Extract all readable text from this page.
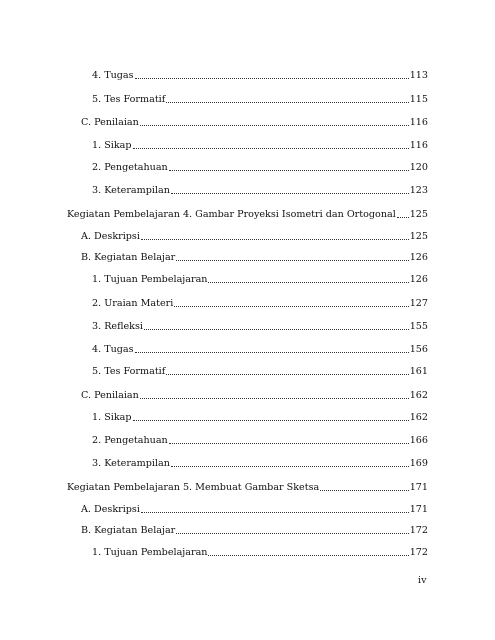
4. Tugas	113
5. Tes Formatif	115
C. Penilaian	116
1. Sikap	116
2. Pengetahuan	120
3. Keterampilan	123
Kegiatan Pembelajaran 4. Gambar Proyeksi Isometri dan Ortogonal 125
A. Deskripsi	125
B. Kegiatan Belajar	126
1. Tujuan Pembelajaran	126
2. Uraian Materi	127
3. Refleksi	155
4. Tugas	156
5. Tes Formatif	161
C. Penilaian	162
1. Sikap	162
2. Pengetahuan	166
3. Keterampilan	169
Kegiatan Pembelajaran 5. Membuat Gambar Sketsa	171
A. Deskripsi	171
B. Kegiatan Belajar	172
1. Tujuan Pembelajaran	172
iv
